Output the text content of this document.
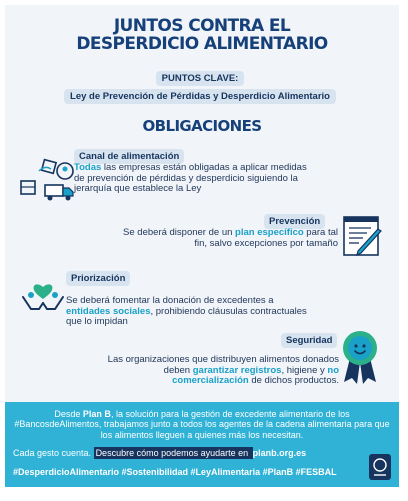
JUNTOS CONTRA EL
DESPERDICIO ALIMENTARIO
PUNTOS CLAVE:
Ley de Prevención de Pérdidas y Desperdicio Alimentario
OBLIGACIONES
Canal de alimentación
Todas las empresas están obligadas a aplicar medidas de prevención de pérdidas y desperdicio siguiendo la jerarquía que establece la Ley
Prevención
Se deberá disponer de un plan específico para tal fin, salvo excepciones por tamaño
Priorización
Se deberá fomentar la donación de excedentes a entidades sociales, prohibiendo cláusulas contractuales que lo impidan
Seguridad
Las organizaciones que distribuyen alimentos donados deben garantizar registros, higiene y no comercialización de dichos productos.
Desde Plan B, la solución para la gestión de excedente alimentario de los #BancosdeAlimentos, trabajamos junto a todos los agentes de la cadena alimentaria para que los alimentos lleguen a quienes más los necesitan.
Cada gesto cuenta. Descubre cómo podemos ayudarte en planb.org.es
#DesperdicioAlimentario #Sostenibilidad #LeyAlimentaria #PlanB #FESBAL
